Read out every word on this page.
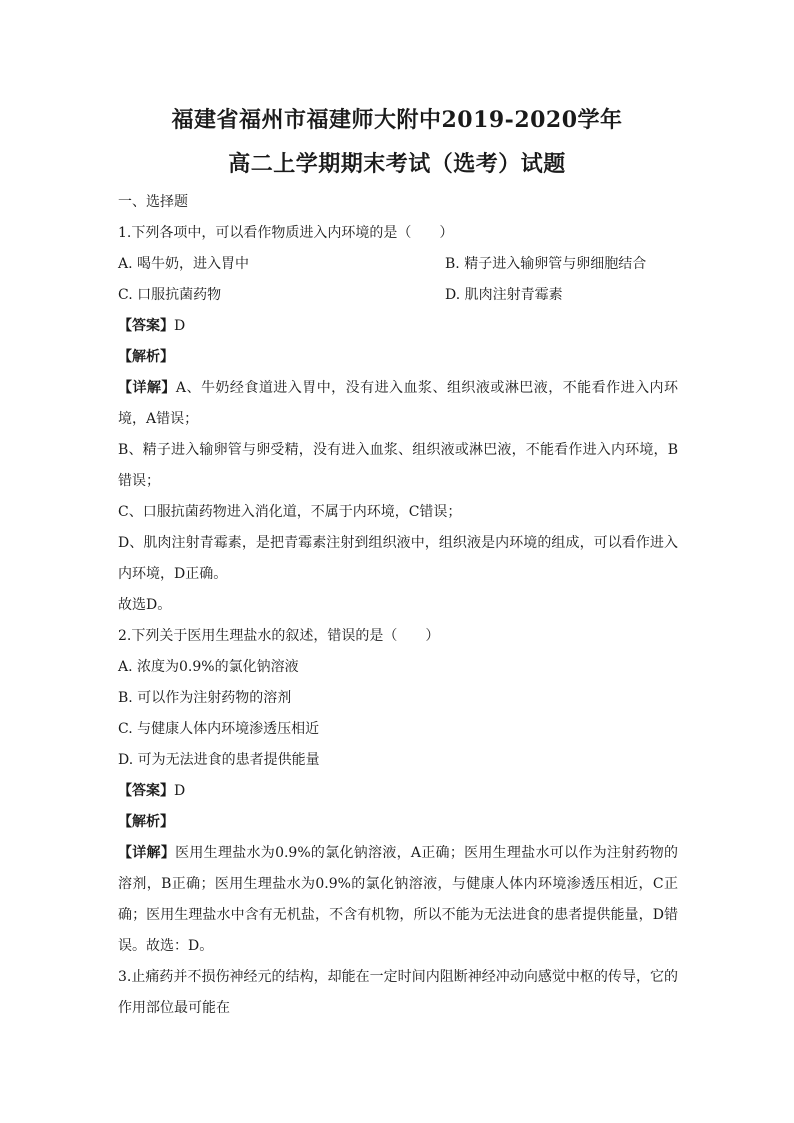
福建省福州市福建师大附中2019-2020学年
高二上学期期末考试（选考）试题
一、选择题
1.下列各项中，可以看作物质进入内环境的是（　　）
A. 喝牛奶，进入胃中	B. 精子进入输卵管与卵细胞结合
C. 口服抗菌药物	D. 肌肉注射青霉素
【答案】D
【解析】
【详解】A、牛奶经食道进入胃中，没有进入血浆、组织液或淋巴液，不能看作进入内环境，A错误；
B、精子进入输卵管与卵受精，没有进入血浆、组织液或淋巴液，不能看作进入内环境，B错误；
C、口服抗菌药物进入消化道，不属于内环境，C错误；
D、肌肉注射青霉素，是把青霉素注射到组织液中，组织液是内环境的组成，可以看作进入内环境，D正确。
故选D。
2.下列关于医用生理盐水的叙述，错误的是（　　）
A. 浓度为0.9%的氯化钠溶液
B. 可以作为注射药物的溶剂
C. 与健康人体内环境渗透压相近
D. 可为无法进食的患者提供能量
【答案】D
【解析】
【详解】医用生理盐水为0.9%的氯化钠溶液，A正确；医用生理盐水可以作为注射药物的溶剂，B正确；医用生理盐水为0.9%的氯化钠溶液，与健康人体内环境渗透压相近，C正确；医用生理盐水中含有无机盐，不含有机物，所以不能为无法进食的患者提供能量，D错误。故选：D。
3.止痛药并不损伤神经元的结构，却能在一定时间内阻断神经冲动向感觉中枢的传导，它的作用部位最可能在
